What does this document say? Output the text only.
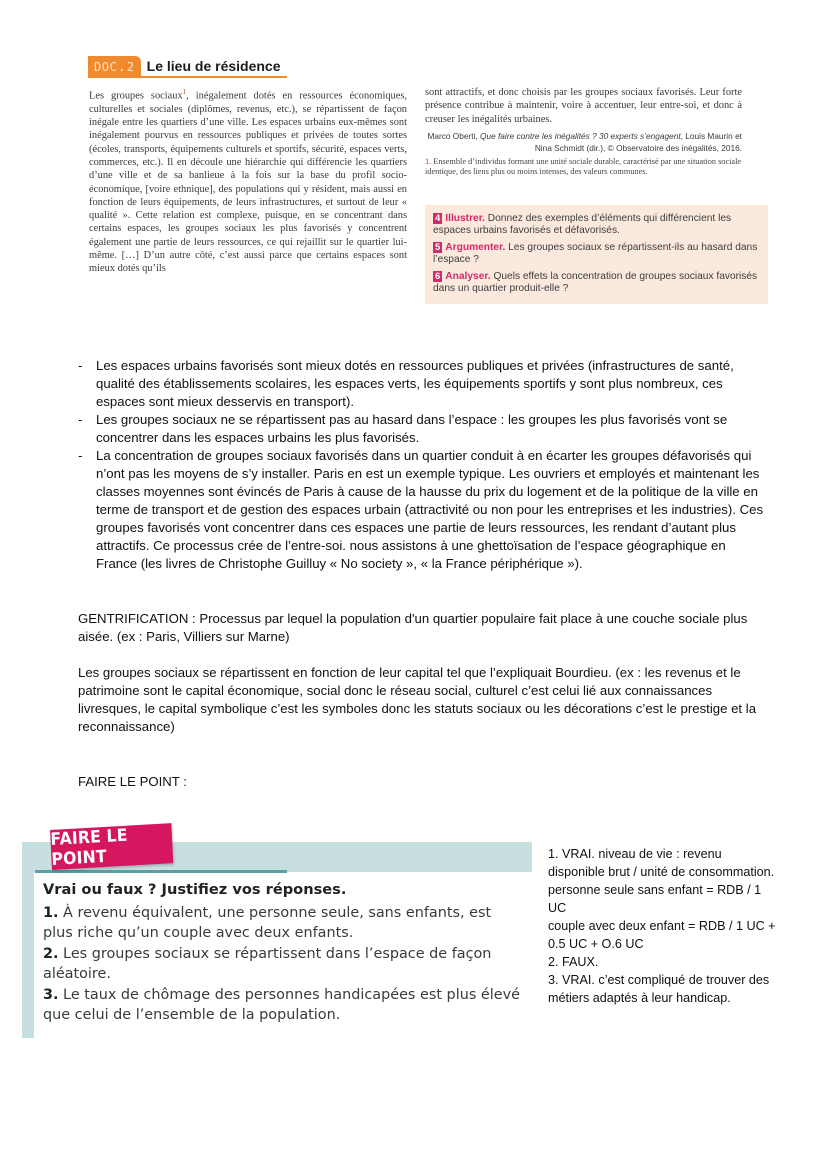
DOC . 2 Le lieu de résidence
Les groupes sociaux$^1$, inégalement dotés en ressources économiques, culturelles et sociales (diplômes, revenus, etc.), se répartissent de façon inégale entre les quartiers d’une ville. Les espaces urbains eux-mêmes sont inégalement pourvus en ressources publiques et privées de toutes sortes (écoles, transports, équipements culturels et sportifs, sécurité, espaces verts, commerces, etc.). Il en découle une hiérarchie qui différencie les quartiers d’une ville et de sa banlieue à la fois sur la base du profil socio-économique, [voire ethnique], des populations qui y résident, mais aussi en fonction de leurs équipements, de leurs infrastructures, et surtout de leur « qualité ». Cette relation est complexe, puisque, en se concentrant dans certains espaces, les groupes sociaux les plus favorisés y concentrent également une partie de leurs ressources, ce qui rejaillit sur le quartier lui-même. […] D’un autre côté, c’est aussi parce que certains espaces sont mieux dotés qu’ils
sont attractifs, et donc choisis par les groupes sociaux favorisés. Leur forte présence contribue à maintenir, voire à accentuer, leur entre-soi, et donc à creuser les inégalités urbaines.
Marco Oberti, Que faire contre les inégalités ? 30 experts s’engagent, Louis Maurin et Nina Schmidt (dir.), © Observatoire des inégalités, 2016.
1. Ensemble d’individus formant une unité sociale durable, caractérisé par une situation sociale identique, des liens plus ou moins intenses, des valeurs communes.
4 Illustrer. Donnez des exemples d’éléments qui différencient les espaces urbains favorisés et défavorisés.
5 Argumenter. Les groupes sociaux se répartissent-ils au hasard dans l’espace ?
6 Analyser. Quels effets la concentration de groupes sociaux favorisés dans un quartier produit-elle ?
- Les espaces urbains favorisés sont mieux dotés en ressources publiques et privées (infrastructures de santé, qualité des établissements scolaires, les espaces verts, les équipements sportifs y sont plus nombreux, ces espaces sont mieux desservis en transport).
- Les groupes sociaux ne se répartissent pas au hasard dans l’espace : les groupes les plus favorisés vont se concentrer dans les espaces urbains les plus favorisés.
- La concentration de groupes sociaux favorisés dans un quartier conduit à en écarter les groupes défavorisés qui n’ont pas les moyens de s’y installer. Paris en est un exemple typique. Les ouvriers et employés et maintenant les classes moyennes sont évincés de Paris à cause de la hausse du prix du logement et de la politique de la ville en terme de transport et de gestion des espaces urbain (attractivité ou non pour les entreprises et les industries). Ces groupes favorisés vont concentrer dans ces espaces une partie de leurs ressources, les rendant d’autant plus attractifs. Ce processus crée de l’entre-soi. nous assistons à une ghettoïsation de l’espace géographique en France (les livres de Christophe Guilluy « No society », « la France périphérique »).
GENTRIFICATION : Processus par lequel la population d'un quartier populaire fait place à une couche sociale plus aisée. (ex : Paris, Villiers sur Marne)
Les groupes sociaux se répartissent en fonction de leur capital tel que l’expliquait Bourdieu. (ex : les revenus et le patrimoine sont le capital économique, social donc le réseau social, culturel c’est celui lié aux connaissances livresques, le capital symbolique c’est les symboles donc les statuts sociaux ou les décorations c’est le prestige et la reconnaissance)
FAIRE LE POINT :
FAIRE LE POINT
Vrai ou faux ? Justifiez vos réponses.
1. À revenu équivalent, une personne seule, sans enfants, est plus riche qu’un couple avec deux enfants.
2. Les groupes sociaux se répartissent dans l’espace de façon aléatoire.
3. Le taux de chômage des personnes handicapées est plus élevé que celui de l’ensemble de la population.
1. VRAI. niveau de vie : revenu disponible brut / unité de consommation.
personne seule sans enfant = RDB / 1 UC
couple avec deux enfant = RDB / 1 UC + 0.5 UC + O.6 UC
2. FAUX.
3. VRAI. c’est compliqué de trouver des métiers adaptés à leur handicap.
